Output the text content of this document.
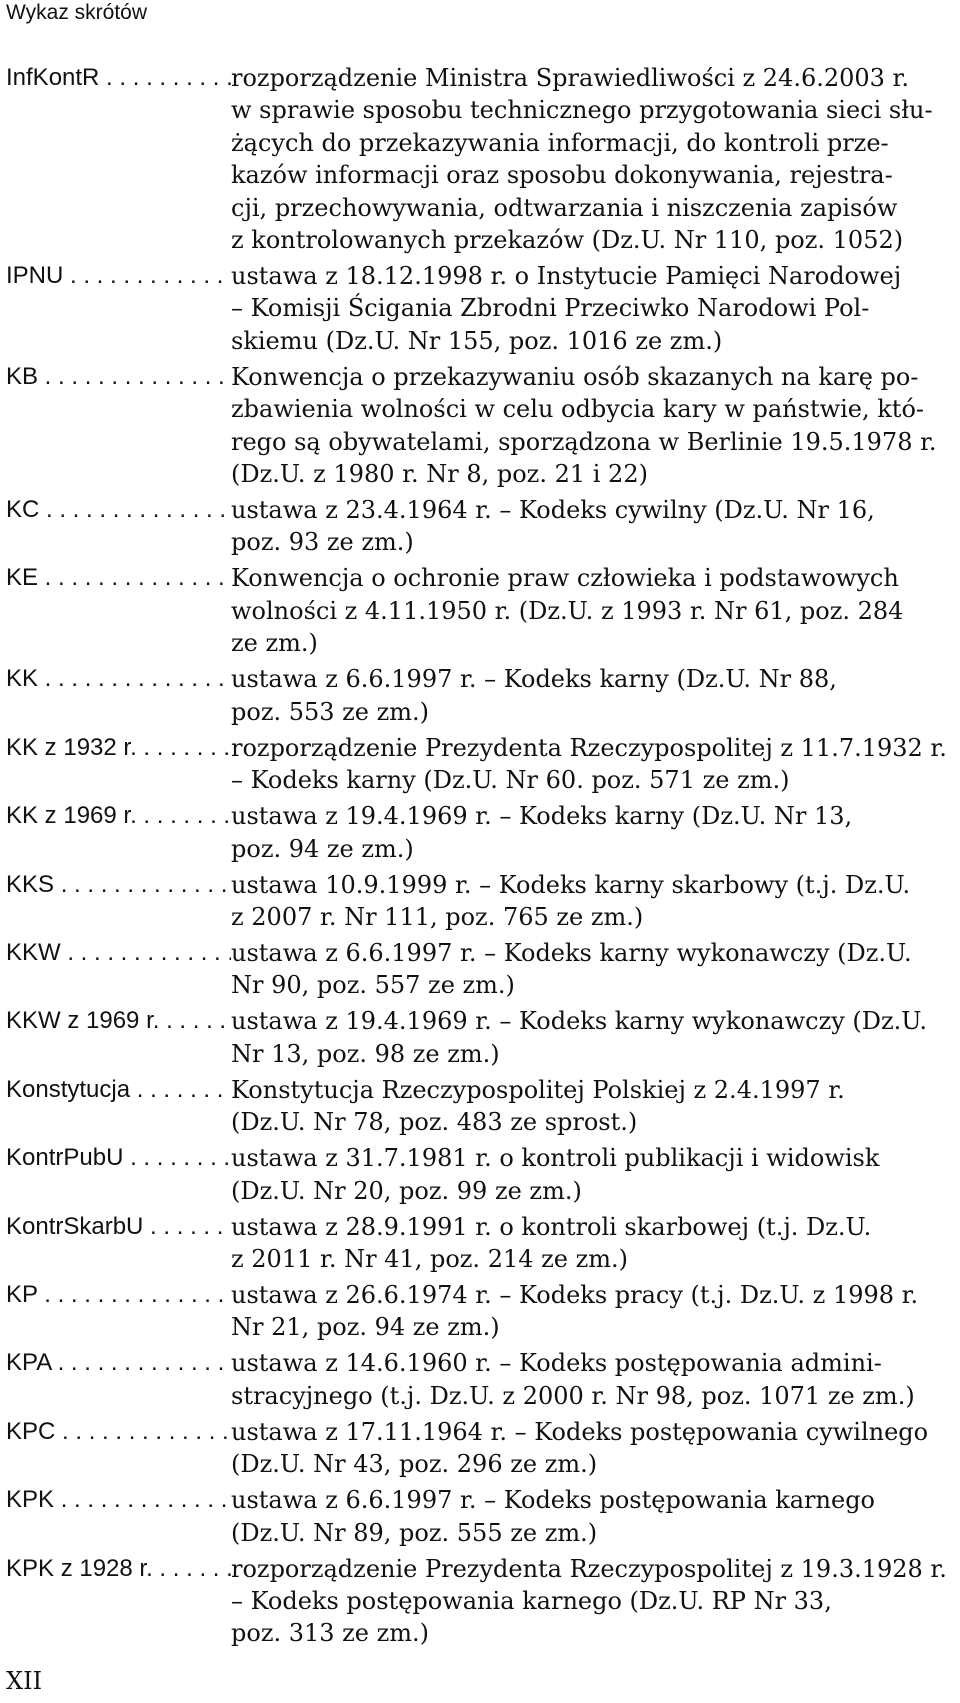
Wykaz skrótów
InfKontR . . .	rozporządzenie Ministra Sprawiedliwości z 24.6.2003 r.
w sprawie sposobu technicznego przygotowania sieci słu-
żących do przekazywania informacji, do kontroli prze-
kazów informacji oraz sposobu dokonywania, rejestra-
cji, przechowywania, odtwarzania i niszczenia zapisów
z kontrolowanych przekazów (Dz.U. Nr 110, poz. 1052)
IPNU . . .	ustawa z 18.12.1998 r. o Instytucie Pamięci Narodowej
– Komisji Ścigania Zbrodni Przeciwko Narodowi Pol-
skiemu (Dz.U. Nr 155, poz. 1016 ze zm.)
KB . . .	Konwencja o przekazywaniu osób skazanych na karę po-
zbawienia wolności w celu odbycia kary w państwie, któ-
rego są obywatelami, sporządzona w Berlinie 19.5.1978 r.
(Dz.U. z 1980 r. Nr 8, poz. 21 i 22)
KC . . .	ustawa z 23.4.1964 r. – Kodeks cywilny (Dz.U. Nr 16,
poz. 93 ze zm.)
KE . . .	Konwencja o ochronie praw człowieka i podstawowych
wolności z 4.11.1950 r. (Dz.U. z 1993 r. Nr 61, poz. 284
ze zm.)
KK . . .	ustawa z 6.6.1997 r. – Kodeks karny (Dz.U. Nr 88,
poz. 553 ze zm.)
KK z 1932 r. . . .	rozporządzenie Prezydenta Rzeczypospolitej z 11.7.1932 r.
– Kodeks karny (Dz.U. Nr 60. poz. 571 ze zm.)
KK z 1969 r. . . .	ustawa z 19.4.1969 r. – Kodeks karny (Dz.U. Nr 13,
poz. 94 ze zm.)
KKS . . .	ustawa 10.9.1999 r. – Kodeks karny skarbowy (t.j. Dz.U.
z 2007 r. Nr 111, poz. 765 ze zm.)
KKW . . .	ustawa z 6.6.1997 r. – Kodeks karny wykonawczy (Dz.U.
Nr 90, poz. 557 ze zm.)
KKW z 1969 r. . . .	ustawa z 19.4.1969 r. – Kodeks karny wykonawczy (Dz.U.
Nr 13, poz. 98 ze zm.)
Konstytucja . . .	Konstytucja Rzeczypospolitej Polskiej z 2.4.1997 r.
(Dz.U. Nr 78, poz. 483 ze sprost.)
KontrPubU . . .	ustawa z 31.7.1981 r. o kontroli publikacji i widowisk
(Dz.U. Nr 20, poz. 99 ze zm.)
KontrSkarbU . . .	ustawa z 28.9.1991 r. o kontroli skarbowej (t.j. Dz.U.
z 2011 r. Nr 41, poz. 214 ze zm.)
KP . . .	ustawa z 26.6.1974 r. – Kodeks pracy (t.j. Dz.U. z 1998 r.
Nr 21, poz. 94 ze zm.)
KPA . . .	ustawa z 14.6.1960 r. – Kodeks postępowania admini-
stracyjnego (t.j. Dz.U. z 2000 r. Nr 98, poz. 1071 ze zm.)
KPC . . .	ustawa z 17.11.1964 r. – Kodeks postępowania cywilnego
(Dz.U. Nr 43, poz. 296 ze zm.)
KPK . . .	ustawa z 6.6.1997 r. – Kodeks postępowania karnego
(Dz.U. Nr 89, poz. 555 ze zm.)
KPK z 1928 r. . . .	rozporządzenie Prezydenta Rzeczypospolitej z 19.3.1928 r.
– Kodeks postępowania karnego (Dz.U. RP Nr 33,
poz. 313 ze zm.)
XII
